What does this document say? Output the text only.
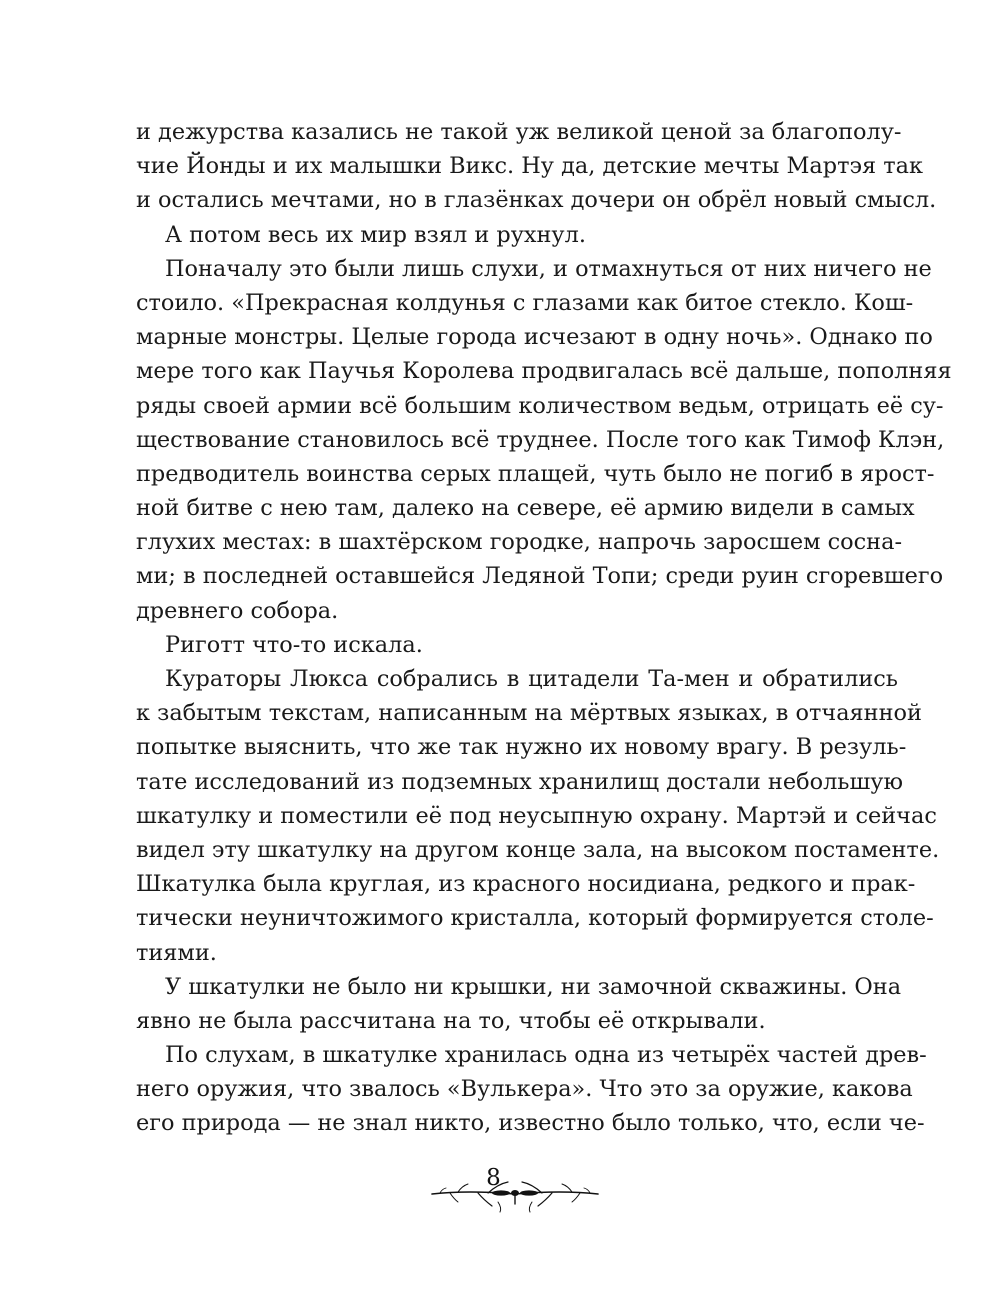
и дежурства казались не такой уж великой ценой за благополу-
чие Йонды и их малышки Викс. Ну да, детские мечты Мартэя так
и остались мечтами, но в глазёнках дочери он обрёл новый смысл.
А потом весь их мир взял и рухнул.
Поначалу это были лишь слухи, и отмахнуться от них ничего не
стоило. «Прекрасная колдунья с глазами как битое стекло. Кош-
марные монстры. Целые города исчезают в одну ночь». Однако по
мере того как Паучья Королева продвигалась всё дальше, пополняя
ряды своей армии всё большим количеством ведьм, отрицать её су-
ществование становилось всё труднее. После того как Тимоф Клэн,
предводитель воинства серых плащей, чуть было не погиб в ярост-
ной битве с нею там, далеко на севере, её армию видели в самых
глухих местах: в шахтёрском городке, напрочь заросшем сосна-
ми; в последней оставшейся Ледяной Топи; среди руин сгоревшего
древнего собора.
Риготт что-то искала.
Кураторы Люкса собрались в цитадели Та-мен и обратились
к забытым текстам, написанным на мёртвых языках, в отчаянной
попытке выяснить, что же так нужно их новому врагу. В резуль-
тате исследований из подземных хранилищ достали небольшую
шкатулку и поместили её под неусыпную охрану. Мартэй и сейчас
видел эту шкатулку на другом конце зала, на высоком постаменте.
Шкатулка была круглая, из красного носидиана, редкого и прак-
тически неуничтожимого кристалла, который формируется столе-
тиями.
У шкатулки не было ни крышки, ни замочной скважины. Она
явно не была рассчитана на то, чтобы её открывали.
По слухам, в шкатулке хранилась одна из четырёх частей древ-
него оружия, что звалось «Вулькера». Что это за оружие, какова
его природа — не знал никто, известно было только, что, если че-
8
